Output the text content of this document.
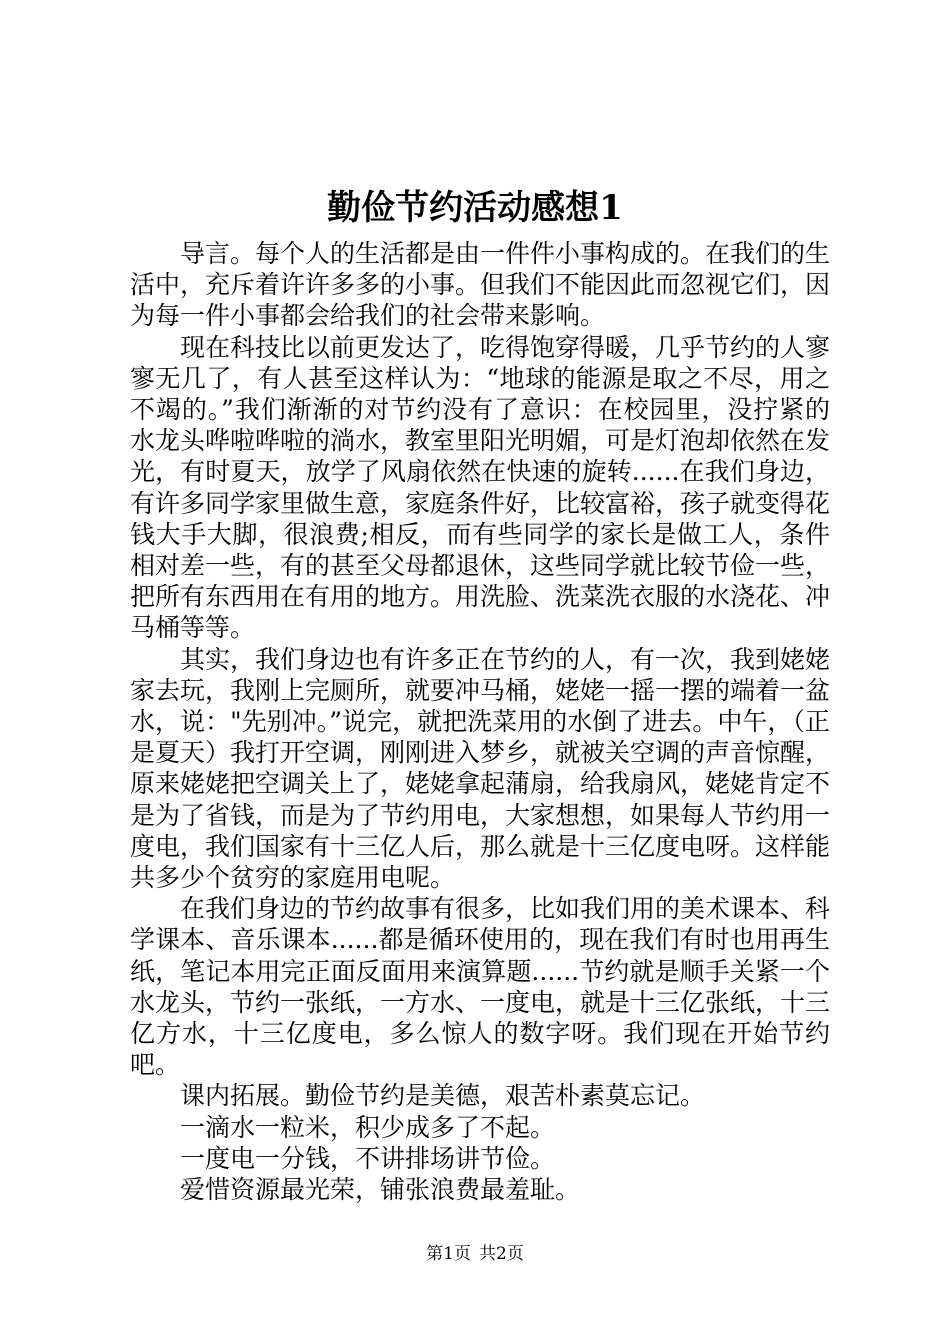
勤俭节约活动感想1

导言。每个人的生活都是由一件件小事构成的。在我们的生活中，充斥着许许多多的小事。但我们不能因此而忽视它们，因为每一件小事都会给我们的社会带来影响。

现在科技比以前更发达了，吃得饱穿得暖，几乎节约的人寥寥无几了，有人甚至这样认为：“地球的能源是取之不尽，用之不竭的。”我们渐渐的对节约没有了意识：在校园里，没拧紧的水龙头哗啦哗啦的淌水，教室里阳光明媚，可是灯泡却依然在发光，有时夏天，放学了风扇依然在快速的旋转......在我们身边，有许多同学家里做生意，家庭条件好，比较富裕，孩子就变得花钱大手大脚，很浪费;相反，而有些同学的家长是做工人，条件相对差一些，有的甚至父母都退休，这些同学就比较节俭一些，把所有东西用在有用的地方。用洗脸、洗菜洗衣服的水浇花、冲马桶等等。

其实，我们身边也有许多正在节约的人，有一次，我到姥姥家去玩，我刚上完厕所，就要冲马桶，姥姥一摇一摆的端着一盆水，说："先别冲。”说完，就把洗菜用的水倒了进去。中午，（正是夏天）我打开空调，刚刚进入梦乡，就被关空调的声音惊醒，原来姥姥把空调关上了，姥姥拿起蒲扇，给我扇风，姥姥肯定不是为了省钱，而是为了节约用电，大家想想，如果每人节约用一度电，我们国家有十三亿人后，那么就是十三亿度电呀。这样能共多少个贫穷的家庭用电呢。

在我们身边的节约故事有很多，比如我们用的美术课本、科学课本、音乐课本......都是循环使用的，现在我们有时也用再生纸，笔记本用完正面反面用来演算题......节约就是顺手关紧一个水龙头，节约一张纸，一方水、一度电，就是十三亿张纸，十三亿方水，十三亿度电，多么惊人的数字呀。我们现在开始节约吧。

课内拓展。勤俭节约是美德，艰苦朴素莫忘记。

一滴水一粒米，积少成多了不起。

一度电一分钱，不讲排场讲节俭。

爱惜资源最光荣，铺张浪费最羞耻。

第1页 共2页
